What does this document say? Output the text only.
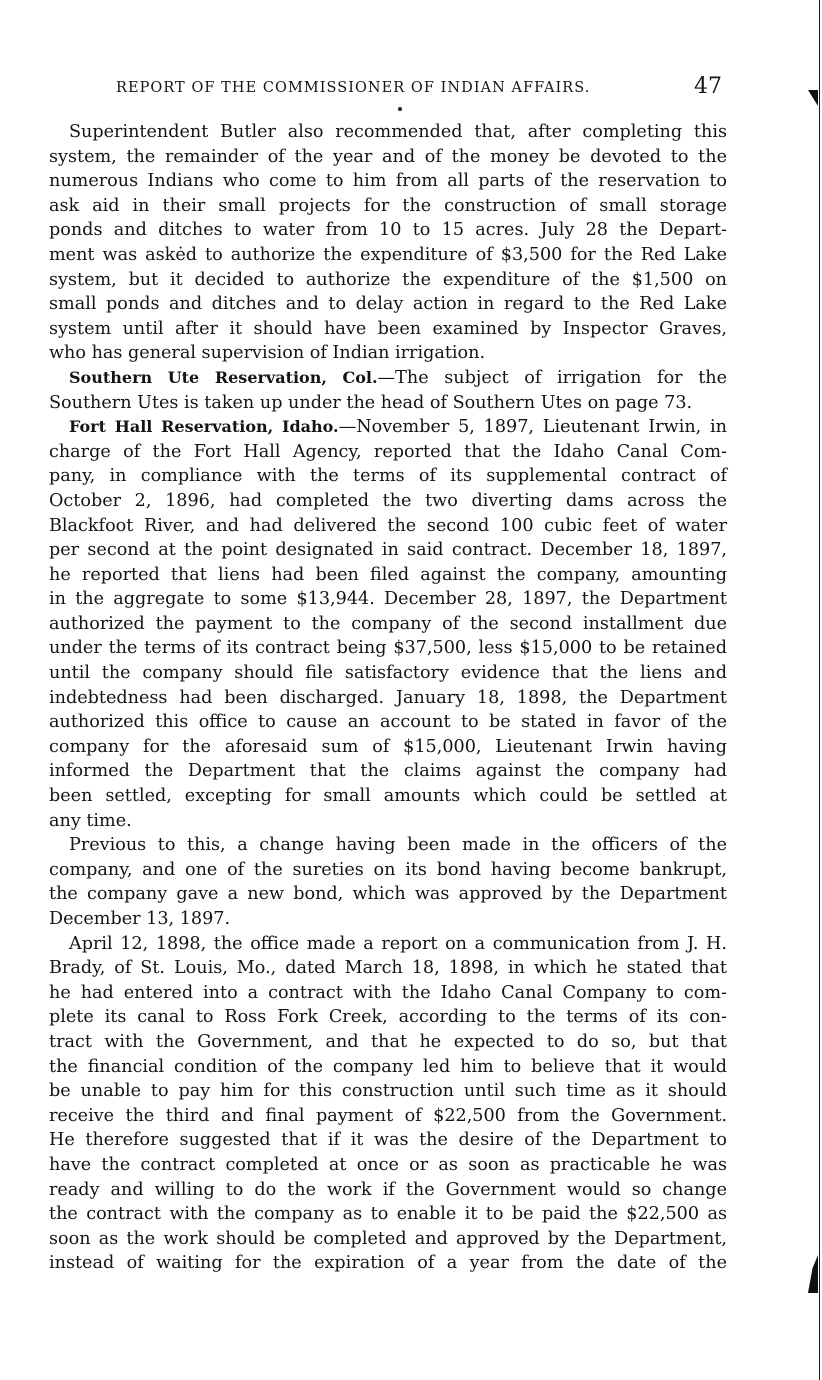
REPORT OF THE COMMISSIONER OF INDIAN AFFAIRS.	47
Superintendent Butler also recommended that, after completing this
system, the remainder of the year and of the money be devoted to the
numerous Indians who come to him from all parts of the reservation to
ask aid in their small projects for the construction of small storage
ponds and ditches to water from 10 to 15 acres. July 28 the Depart-
ment was askėd to authorize the expenditure of $3,500 for the Red Lake
system, but it decided to authorize the expenditure of the $1,500 on
small ponds and ditches and to delay action in regard to the Red Lake
system until after it should have been examined by Inspector Graves,
who has general supervision of Indian irrigation.
Southern Ute Reservation, Col.—The subject of irrigation for the
Southern Utes is taken up under the head of Southern Utes on page 73.
Fort Hall Reservation, Idaho.—November 5, 1897, Lieutenant Irwin, in
charge of the Fort Hall Agency, reported that the Idaho Canal Com-
pany, in compliance with the terms of its supplemental contract of
October 2, 1896, had completed the two diverting dams across the
Blackfoot River, and had delivered the second 100 cubic feet of water
per second at the point designated in said contract. December 18, 1897,
he reported that liens had been filed against the company, amounting
in the aggregate to some $13,944. December 28, 1897, the Department
authorized the payment to the company of the second installment due
under the terms of its contract being $37,500, less $15,000 to be retained
until the company should file satisfactory evidence that the liens and
indebtedness had been discharged. January 18, 1898, the Department
authorized this office to cause an account to be stated in favor of the
company for the aforesaid sum of $15,000, Lieutenant Irwin having
informed the Department that the claims against the company had
been settled, excepting for small amounts which could be settled at
any time.
Previous to this, a change having been made in the officers of the
company, and one of the sureties on its bond having become bankrupt,
the company gave a new bond, which was approved by the Department
December 13, 1897.
April 12, 1898, the office made a report on a communication from J. H.
Brady, of St. Louis, Mo., dated March 18, 1898, in which he stated that
he had entered into a contract with the Idaho Canal Company to com-
plete its canal to Ross Fork Creek, according to the terms of its con-
tract with the Government, and that he expected to do so, but that
the financial condition of the company led him to believe that it would
be unable to pay him for this construction until such time as it should
receive the third and final payment of $22,500 from the Government.
He therefore suggested that if it was the desire of the Department to
have the contract completed at once or as soon as practicable he was
ready and willing to do the work if the Government would so change
the contract with the company as to enable it to be paid the $22,500 as
soon as the work should be completed and approved by the Department,
instead of waiting for the expiration of a year from the date of the
